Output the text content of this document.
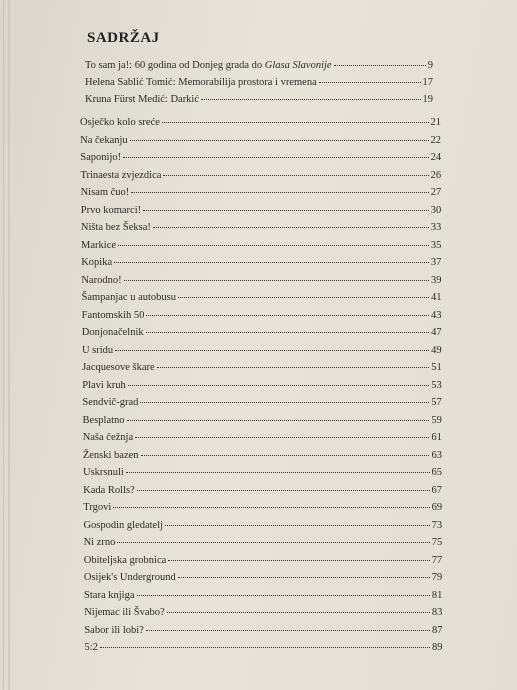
SADRŽAJ
To sam ja!: 60 godina od Donjeg grada do Glasa Slavonije	9
Helena Sablić Tomić: Memorabilija prostora i vremena	17
Kruna Fürst Medić: Darkić	19
Osječko kolo sreće	21
Na čekanju	22
Saponijo!	24
Trinaesta zvjezdica	26
Nisam čuo!	27
Prvo komarci!	30
Ništa bez Šeksa!	33
Markice	35
Kopika	37
Narodno!	39
Šampanjac u autobusu	41
Fantomskih 50	43
Donjonačelnik	47
U sridu	49
Jacquesove škare	51
Plavi kruh	53
Sendvič-grad	57
Besplatno	59
Naša čežnja	61
Ženski bazen	63
Uskrsnuli	65
Kada Rolls?	67
Trgovi	69
Gospodin gledatelj	73
Ni zrno	75
Obiteljska grobnica	77
Osijek's Underground	79
Stara knjiga	81
Nijemac ili Švabo?	83
Sabor ili lobi?	87
5:2	89
